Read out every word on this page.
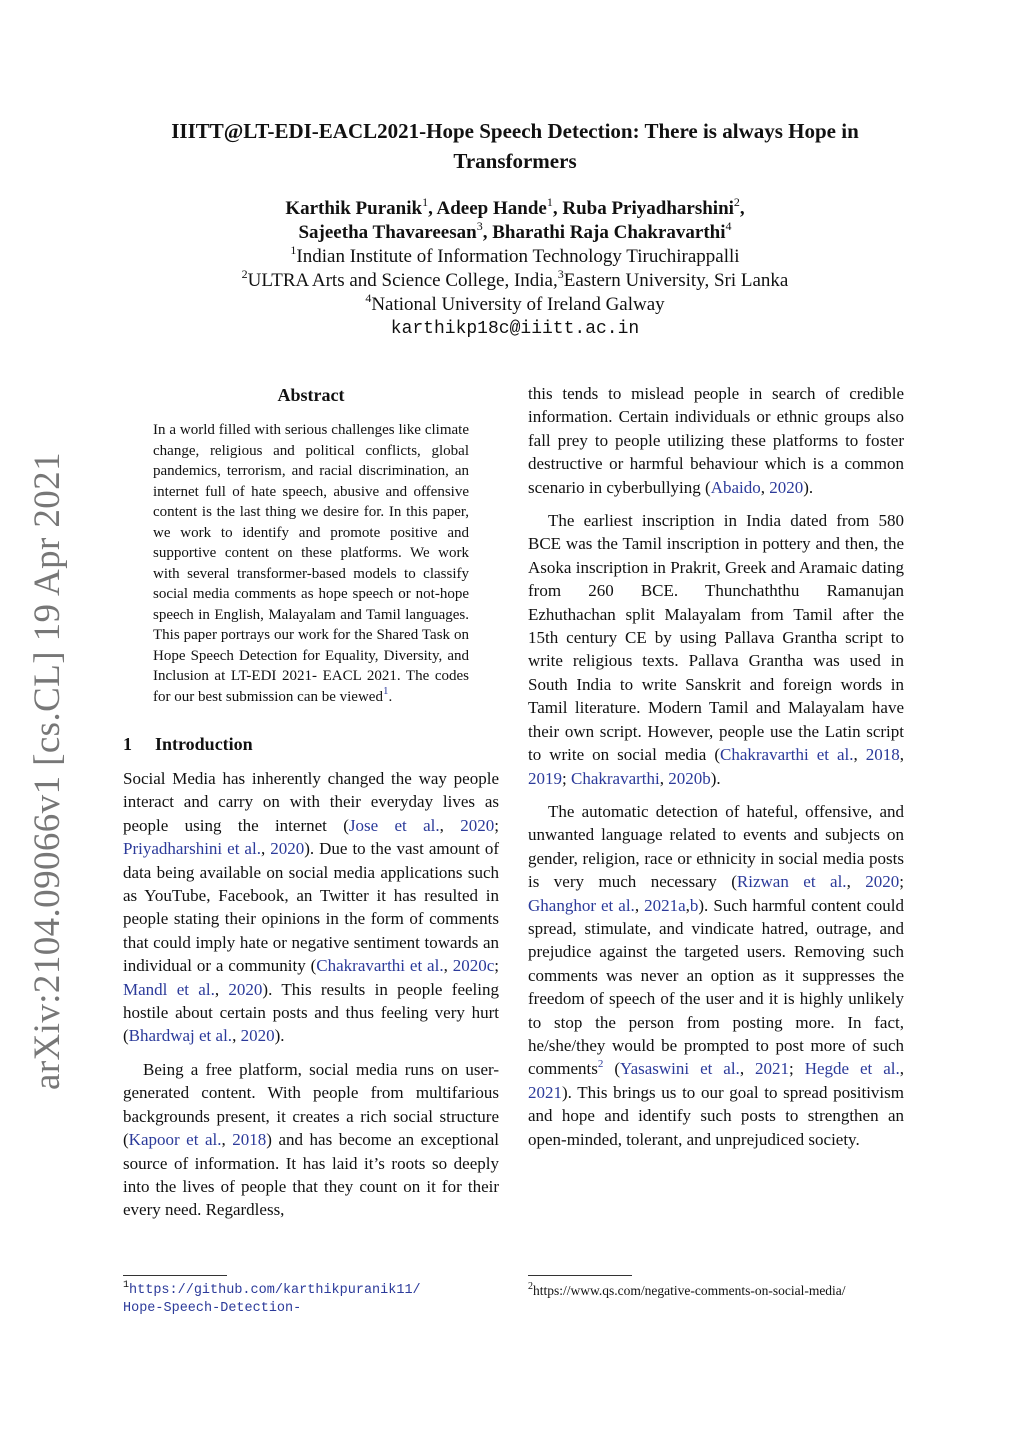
arXiv:2104.09066v1 [cs.CL] 19 Apr 2021
IIITT@LT-EDI-EACL2021-Hope Speech Detection: There is always Hope in Transformers
Karthik Puranik$^1$, Adeep Hande$^1$, Ruba Priyadharshini$^2$,
Sajeetha Thavareesan$^3$, Bharathi Raja Chakravarthi$^4$
$^1$Indian Institute of Information Technology Tiruchirappalli
$^2$ULTRA Arts and Science College, India,$^3$Eastern University, Sri Lanka
$^4$National University of Ireland Galway
karthikp18c@iiitt.ac.in
Abstract
In a world filled with serious challenges like climate change, religious and political conflicts, global pandemics, terrorism, and racial discrimination, an internet full of hate speech, abusive and offensive content is the last thing we desire for. In this paper, we work to identify and promote positive and supportive content on these platforms. We work with several transformer-based models to classify social media comments as hope speech or not-hope speech in English, Malayalam and Tamil languages. This paper portrays our work for the Shared Task on Hope Speech Detection for Equality, Diversity, and Inclusion at LT-EDI 2021- EACL 2021. The codes for our best submission can be viewed$^1$.
1 Introduction

Social Media has inherently changed the way people interact and carry on with their everyday lives as people using the internet (Jose et al., 2020; Priyadharshini et al., 2020). Due to the vast amount of data being available on social media applications such as YouTube, Facebook, an Twitter it has resulted in people stating their opinions in the form of comments that could imply hate or negative sentiment towards an individual or a community (Chakravarthi et al., 2020c; Mandl et al., 2020). This results in people feeling hostile about certain posts and thus feeling very hurt (Bhardwaj et al., 2020).

Being a free platform, social media runs on user-generated content. With people from multifarious backgrounds present, it creates a rich social structure (Kapoor et al., 2018) and has become an exceptional source of information. It has laid it’s roots so deeply into the lives of people that they count on it for their every need. Regardless,

this tends to mislead people in search of credible information. Certain individuals or ethnic groups also fall prey to people utilizing these platforms to foster destructive or harmful behaviour which is a common scenario in cyberbullying (Abaido, 2020).

The earliest inscription in India dated from 580 BCE was the Tamil inscription in pottery and then, the Asoka inscription in Prakrit, Greek and Aramaic dating from 260 BCE. Thunchaththu Ramanujan Ezhuthachan split Malayalam from Tamil after the 15th century CE by using Pallava Grantha script to write religious texts. Pallava Grantha was used in South India to write Sanskrit and foreign words in Tamil literature. Modern Tamil and Malayalam have their own script. However, people use the Latin script to write on social media (Chakravarthi et al., 2018, 2019; Chakravarthi, 2020b).

The automatic detection of hateful, offensive, and unwanted language related to events and subjects on gender, religion, race or ethnicity in social media posts is very much necessary (Rizwan et al., 2020; Ghanghor et al., 2021a,b). Such harmful content could spread, stimulate, and vindicate hatred, outrage, and prejudice against the targeted users. Removing such comments was never an option as it suppresses the freedom of speech of the user and it is highly unlikely to stop the person from posting more. In fact, he/she/they would be prompted to post more of such comments$^2$ (Yasaswini et al., 2021; Hegde et al., 2021). This brings us to our goal to spread positivism and hope and identify such posts to strengthen an open-minded, tolerant, and unprejudiced society.

$^1$https://github.com/karthikpuranik11/
Hope-Speech-Detection-
$^2$https://www.qs.com/negative-comments-on-social-media/
